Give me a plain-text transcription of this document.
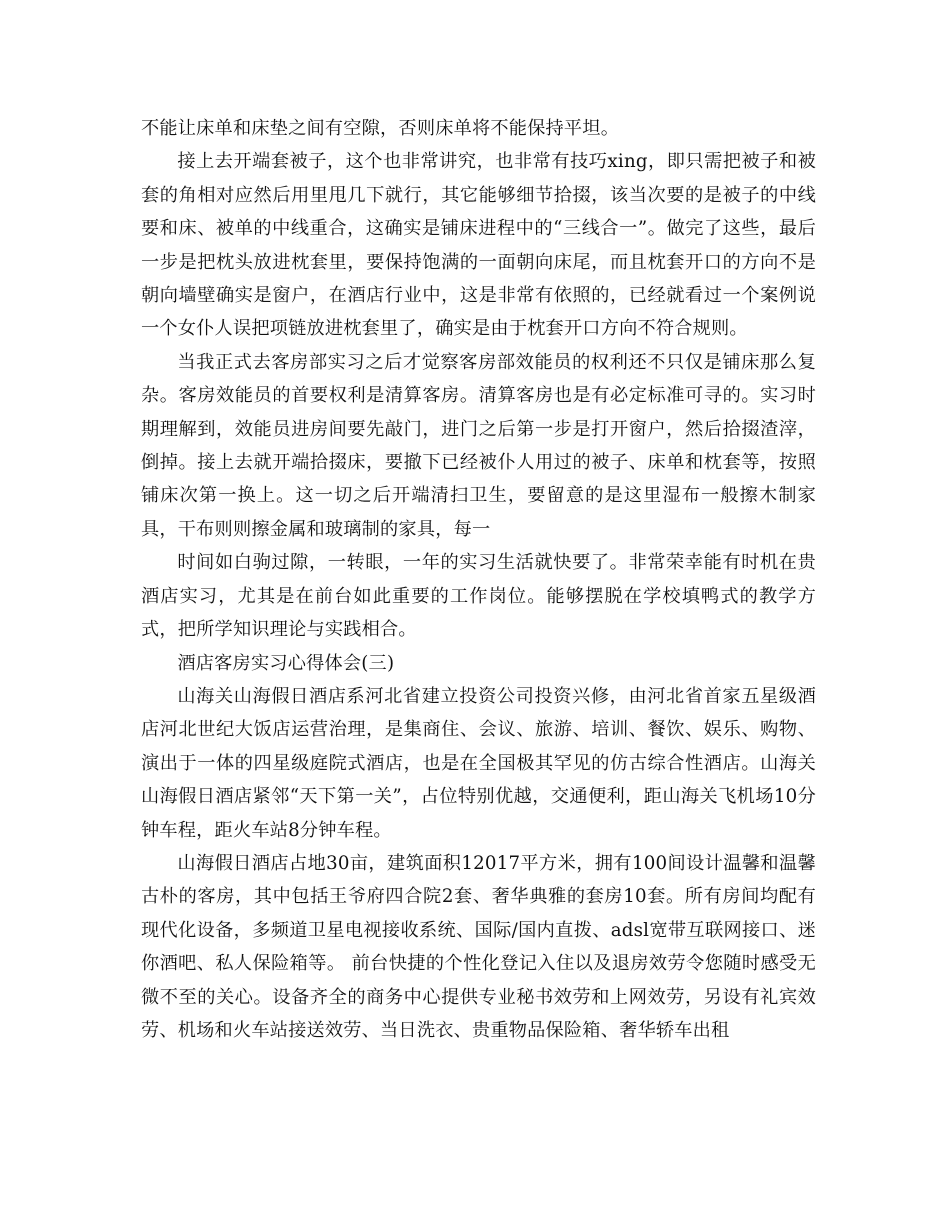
不能让床单和床垫之间有空隙，否则床单将不能保持平坦。

接上去开端套被子，这个也非常讲究，也非常有技巧xing，即只需把被子和被套的角相对应然后用里甩几下就行，其它能够细节拾掇，该当次要的是被子的中线要和床、被单的中线重合，这确实是铺床进程中的“三线合一”。做完了这些，最后一步是把枕头放进枕套里，要保持饱满的一面朝向床尾，而且枕套开口的方向不是朝向墙壁确实是窗户，在酒店行业中，这是非常有依照的，已经就看过一个案例说一个女仆人误把项链放进枕套里了，确实是由于枕套开口方向不符合规则。

当我正式去客房部实习之后才觉察客房部效能员的权利还不只仅是铺床那么复杂。客房效能员的首要权利是清算客房。清算客房也是有必定标准可寻的。实习时期理解到，效能员进房间要先敲门，进门之后第一步是打开窗户，然后拾掇渣滓，倒掉。接上去就开端拾掇床，要撤下已经被仆人用过的被子、床单和枕套等，按照铺床次第一换上。这一切之后开端清扫卫生，要留意的是这里湿布一般擦木制家具，干布则则擦金属和玻璃制的家具，每一

时间如白驹过隙，一转眼，一年的实习生活就快要了。非常荣幸能有时机在贵酒店实习，尤其是在前台如此重要的工作岗位。能够摆脱在学校填鸭式的教学方式，把所学知识理论与实践相合。

酒店客房实习心得体会(三)

山海关山海假日酒店系河北省建立投资公司投资兴修，由河北省首家五星级酒店河北世纪大饭店运营治理，是集商住、会议、旅游、培训、餐饮、娱乐、购物、演出于一体的四星级庭院式酒店，也是在全国极其罕见的仿古综合性酒店。山海关山海假日酒店紧邻“天下第一关”，占位特别优越，交通便利，距山海关飞机场10分钟车程，距火车站8分钟车程。

山海假日酒店占地30亩，建筑面积12017平方米，拥有100间设计温馨和温馨古朴的客房，其中包括王爷府四合院2套、奢华典雅的套房10套。所有房间均配有现代化设备，多频道卫星电视接收系统、国际/国内直拨、adsl宽带互联网接口、迷你酒吧、私人保险箱等。 前台快捷的个性化登记入住以及退房效劳令您随时感受无微不至的关心。设备齐全的商务中心提供专业秘书效劳和上网效劳，另设有礼宾效劳、机场和火车站接送效劳、当日洗衣、贵重物品保险箱、奢华轿车出租
